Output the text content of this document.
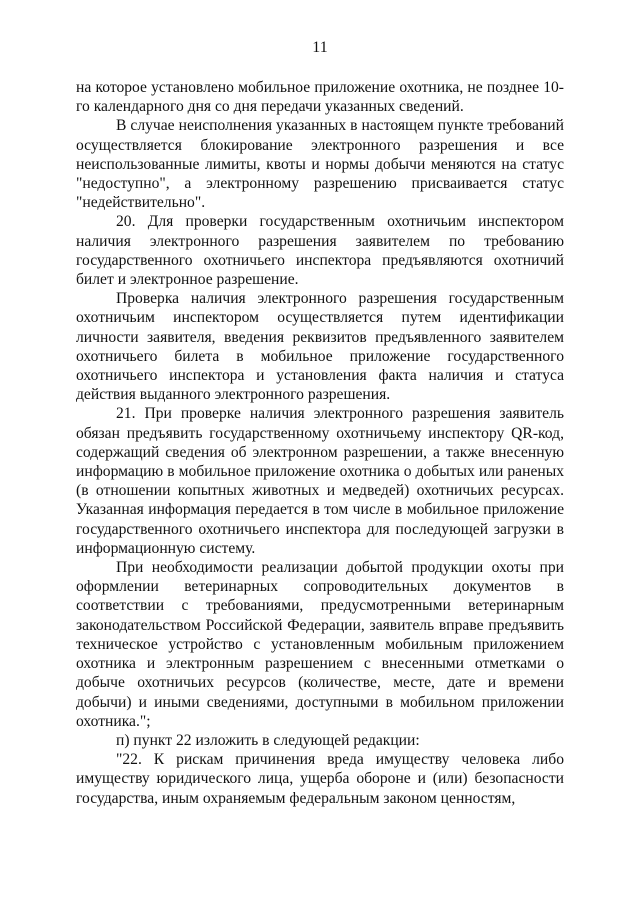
11

на которое установлено мобильное приложение охотника, не позднее 10-го календарного дня со дня передачи указанных сведений.

В случае неисполнения указанных в настоящем пункте требований осуществляется блокирование электронного разрешения и все неиспользованные лимиты, квоты и нормы добычи меняются на статус "недоступно", а электронному разрешению присваивается статус "недействительно".

20. Для проверки государственным охотничьим инспектором наличия электронного разрешения заявителем по требованию государственного охотничьего инспектора предъявляются охотничий билет и электронное разрешение.

Проверка наличия электронного разрешения государственным охотничьим инспектором осуществляется путем идентификации личности заявителя, введения реквизитов предъявленного заявителем охотничьего билета в мобильное приложение государственного охотничьего инспектора и установления факта наличия и статуса действия выданного электронного разрешения.

21. При проверке наличия электронного разрешения заявитель обязан предъявить государственному охотничьему инспектору QR-код, содержащий сведения об электронном разрешении, а также внесенную информацию в мобильное приложение охотника о добытых или раненых (в отношении копытных животных и медведей) охотничьих ресурсах. Указанная информация передается в том числе в мобильное приложение государственного охотничьего инспектора для последующей загрузки в информационную систему.

При необходимости реализации добытой продукции охоты при оформлении ветеринарных сопроводительных документов в соответствии с требованиями, предусмотренными ветеринарным законодательством Российской Федерации, заявитель вправе предъявить техническое устройство с установленным мобильным приложением охотника и электронным разрешением с внесенными отметками о добыче охотничьих ресурсов (количестве, месте, дате и времени добычи) и иными сведениями, доступными в мобильном приложении охотника.";

п) пункт 22 изложить в следующей редакции:

"22. К рискам причинения вреда имуществу человека либо имуществу юридического лица, ущерба обороне и (или) безопасности государства, иным охраняемым федеральным законом ценностям,
